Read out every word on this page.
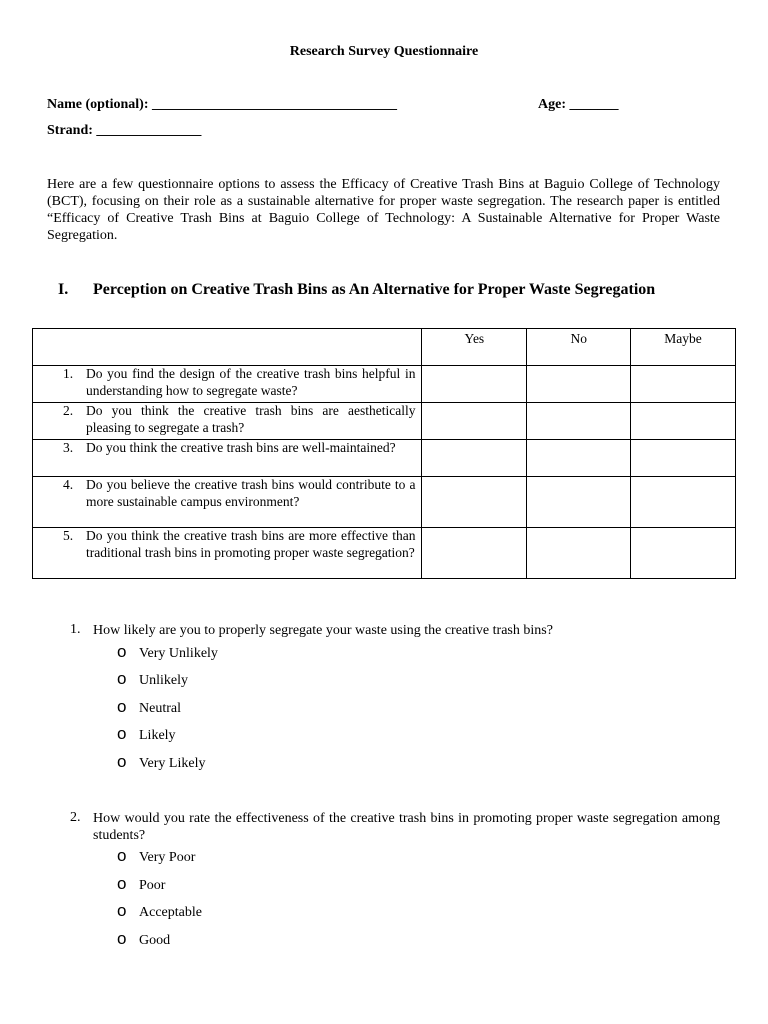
Research Survey Questionnaire
Name (optional): ___________________________________	Age: _______
Strand: _______________
Here are a few questionnaire options to assess the Efficacy of Creative Trash Bins at Baguio College of Technology (BCT), focusing on their role as a sustainable alternative for proper waste segregation. The research paper is entitled “Efficacy of Creative Trash Bins at Baguio College of Technology: A Sustainable Alternative for Proper Waste Segregation.
I. Perception on Creative Trash Bins as An Alternative for Proper Waste Segregation
	Yes	No	Maybe

1. Do you find the design of the creative trash bins helpful in understanding how to segregate waste?			

2. Do you think the creative trash bins are aesthetically pleasing to segregate a trash?			

3. Do you think the creative trash bins are well-maintained?			

4. Do you believe the creative trash bins would contribute to a more sustainable campus environment?			

5. Do you think the creative trash bins are more effective than traditional trash bins in promoting proper waste segregation?			
1. How likely are you to properly segregate your waste using the creative trash bins?
o Very Unlikely
o Unlikely
o Neutral
o Likely
o Very Likely
2. How would you rate the effectiveness of the creative trash bins in promoting proper waste segregation among students?
o Very Poor
o Poor
o Acceptable
o Good
